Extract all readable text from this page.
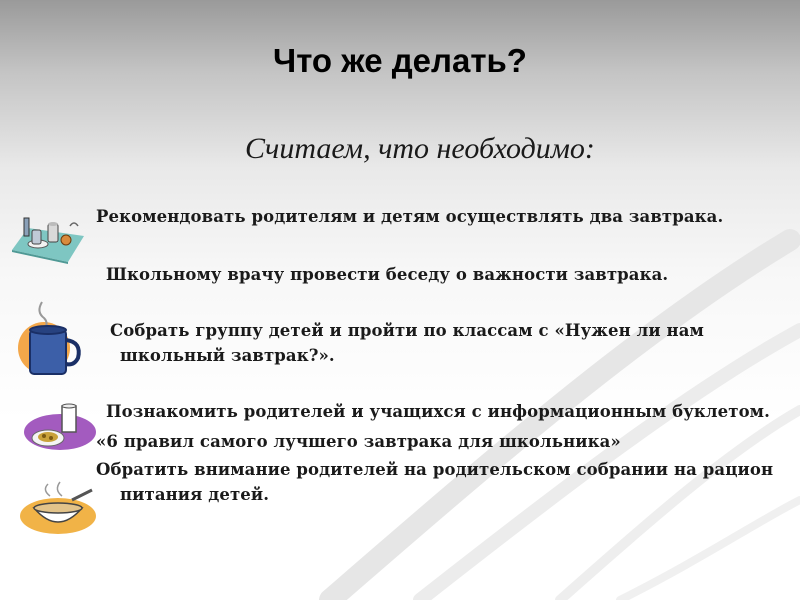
Что же делать?
Считаем, что необходимо:
Рекомендовать родителям и детям осуществлять два завтрака.
Школьному врачу провести беседу о важности завтрака.
Собрать группу детей и пройти по классам с «Нужен ли нам
школьный завтрак?».
Познакомить родителей и учащихся с информационным буклетом.
«6 правил самого лучшего завтрака для школьника»
Обратить внимание родителей на родительском собрании на рацион
питания детей.
